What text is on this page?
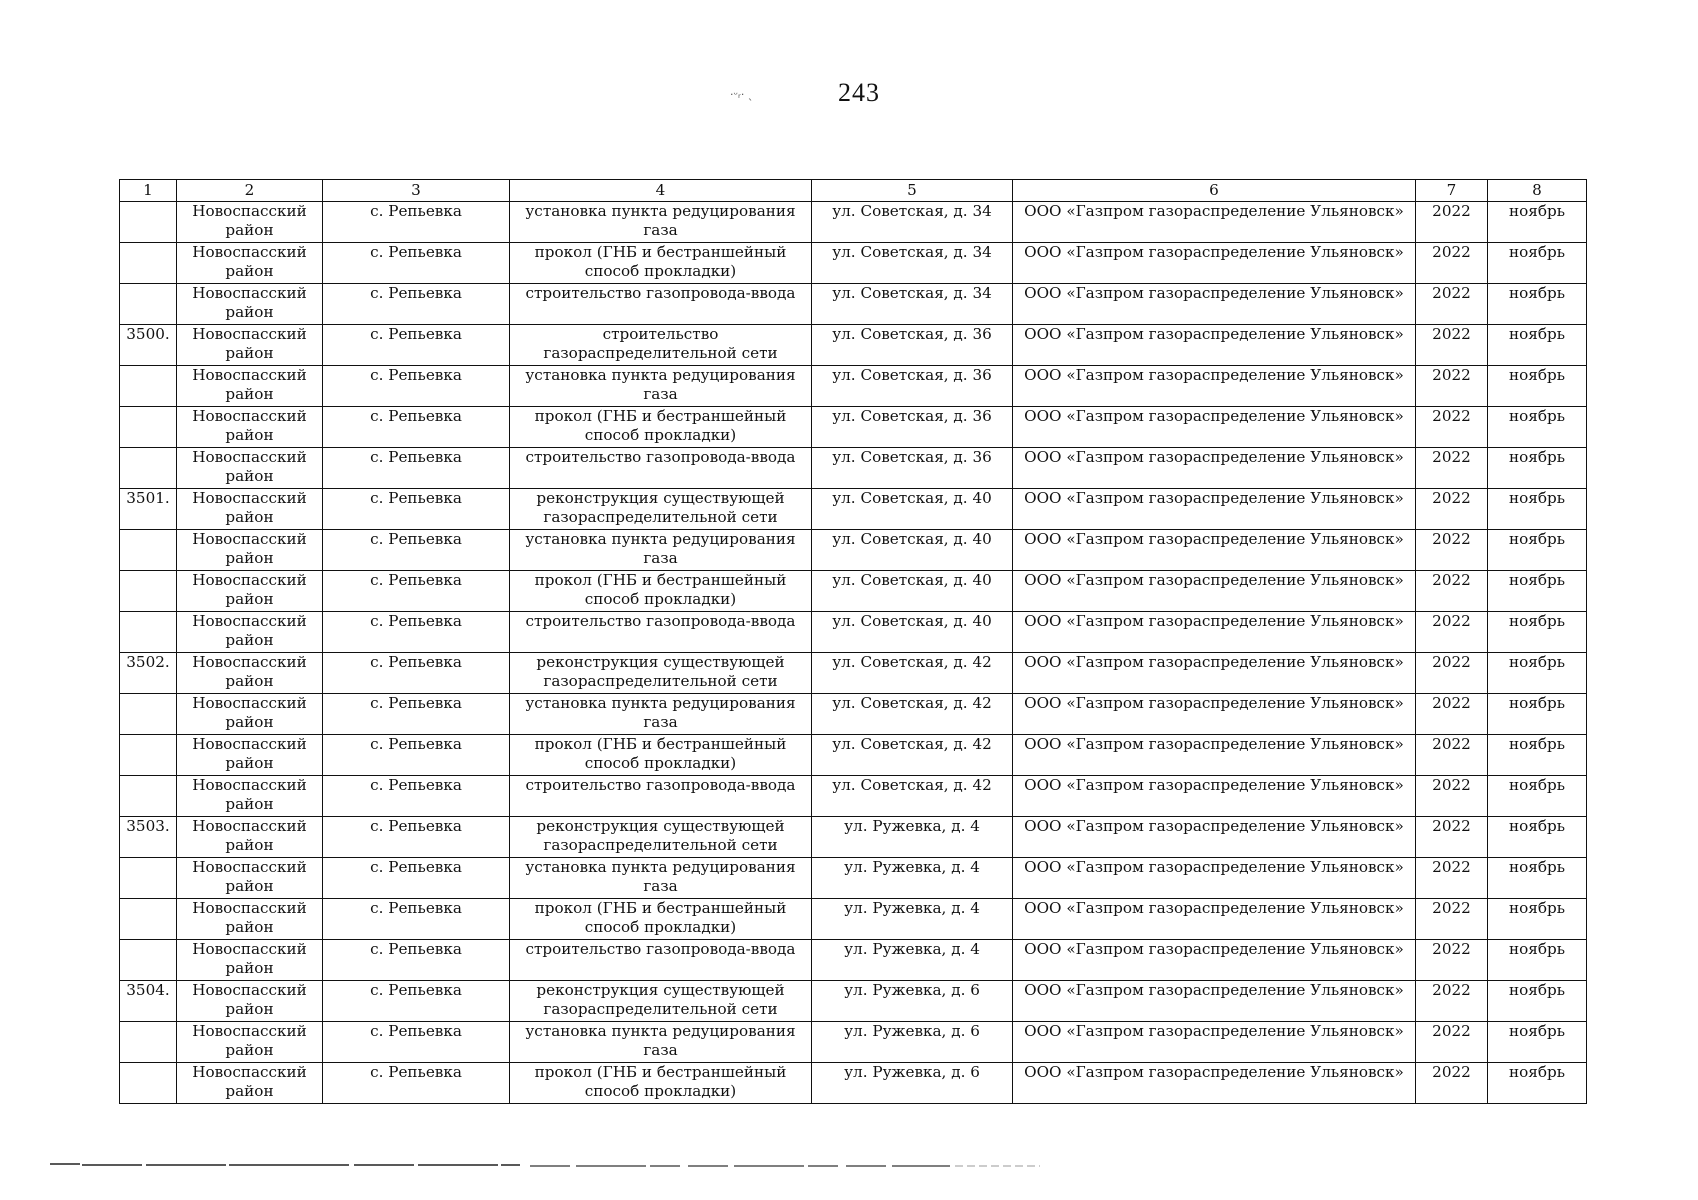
·ᵕᵣ· ˎ	243
1	2	3	4	5	6	7	8
	Новоспасский район	с. Репьевка	установка пункта редуцирования газа	ул. Советская, д. 34	ООО «Газпром газораспределение Ульяновск»	2022	ноябрь
	Новоспасский район	с. Репьевка	прокол (ГНБ и бестраншейный способ прокладки)	ул. Советская, д. 34	ООО «Газпром газораспределение Ульяновск»	2022	ноябрь
	Новоспасский район	с. Репьевка	строительство газопровода-ввода	ул. Советская, д. 34	ООО «Газпром газораспределение Ульяновск»	2022	ноябрь
3500.	Новоспасский район	с. Репьевка	строительство газораспределительной сети	ул. Советская, д. 36	ООО «Газпром газораспределение Ульяновск»	2022	ноябрь
	Новоспасский район	с. Репьевка	установка пункта редуцирования газа	ул. Советская, д. 36	ООО «Газпром газораспределение Ульяновск»	2022	ноябрь
	Новоспасский район	с. Репьевка	прокол (ГНБ и бестраншейный способ прокладки)	ул. Советская, д. 36	ООО «Газпром газораспределение Ульяновск»	2022	ноябрь
	Новоспасский район	с. Репьевка	строительство газопровода-ввода	ул. Советская, д. 36	ООО «Газпром газораспределение Ульяновск»	2022	ноябрь
3501.	Новоспасский район	с. Репьевка	реконструкция существующей газораспределительной сети	ул. Советская, д. 40	ООО «Газпром газораспределение Ульяновск»	2022	ноябрь
	Новоспасский район	с. Репьевка	установка пункта редуцирования газа	ул. Советская, д. 40	ООО «Газпром газораспределение Ульяновск»	2022	ноябрь
	Новоспасский район	с. Репьевка	прокол (ГНБ и бестраншейный способ прокладки)	ул. Советская, д. 40	ООО «Газпром газораспределение Ульяновск»	2022	ноябрь
	Новоспасский район	с. Репьевка	строительство газопровода-ввода	ул. Советская, д. 40	ООО «Газпром газораспределение Ульяновск»	2022	ноябрь
3502.	Новоспасский район	с. Репьевка	реконструкция существующей газораспределительной сети	ул. Советская, д. 42	ООО «Газпром газораспределение Ульяновск»	2022	ноябрь
	Новоспасский район	с. Репьевка	установка пункта редуцирования газа	ул. Советская, д. 42	ООО «Газпром газораспределение Ульяновск»	2022	ноябрь
	Новоспасский район	с. Репьевка	прокол (ГНБ и бестраншейный способ прокладки)	ул. Советская, д. 42	ООО «Газпром газораспределение Ульяновск»	2022	ноябрь
	Новоспасский район	с. Репьевка	строительство газопровода-ввода	ул. Советская, д. 42	ООО «Газпром газораспределение Ульяновск»	2022	ноябрь
3503.	Новоспасский район	с. Репьевка	реконструкция существующей газораспределительной сети	ул. Ружевка, д. 4	ООО «Газпром газораспределение Ульяновск»	2022	ноябрь
	Новоспасский район	с. Репьевка	установка пункта редуцирования газа	ул. Ружевка, д. 4	ООО «Газпром газораспределение Ульяновск»	2022	ноябрь
	Новоспасский район	с. Репьевка	прокол (ГНБ и бестраншейный способ прокладки)	ул. Ружевка, д. 4	ООО «Газпром газораспределение Ульяновск»	2022	ноябрь
	Новоспасский район	с. Репьевка	строительство газопровода-ввода	ул. Ружевка, д. 4	ООО «Газпром газораспределение Ульяновск»	2022	ноябрь
3504.	Новоспасский район	с. Репьевка	реконструкция существующей газораспределительной сети	ул. Ружевка, д. 6	ООО «Газпром газораспределение Ульяновск»	2022	ноябрь
	Новоспасский район	с. Репьевка	установка пункта редуцирования газа	ул. Ружевка, д. 6	ООО «Газпром газораспределение Ульяновск»	2022	ноябрь
	Новоспасский район	с. Репьевка	прокол (ГНБ и бестраншейный способ прокладки)	ул. Ружевка, д. 6	ООО «Газпром газораспределение Ульяновск»	2022	ноябрь
